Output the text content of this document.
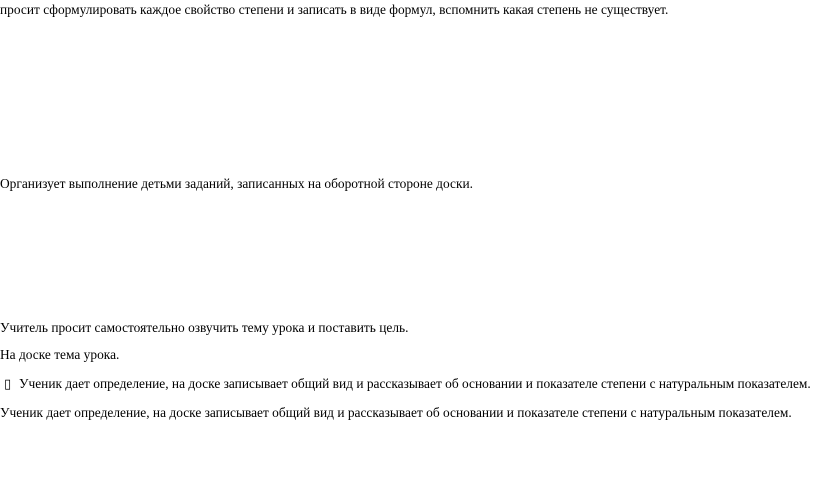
просит сформулировать каждое свойство степени и записать в виде формул, вспомнить какая степень не существует.
Организует выполнение детьми заданий, записанных на оборотной стороне доски.
Учитель просит самостоятельно озвучить тему урока и поставить цель.
На доске тема урока.
▯ Ученик дает определение, на доске записывает общий вид и рассказывает об основании и показателе степени с натуральным показателем.
Ученик дает определение, на доске записывает общий вид и рассказывает об основании и показателе степени с натуральным показателем.
